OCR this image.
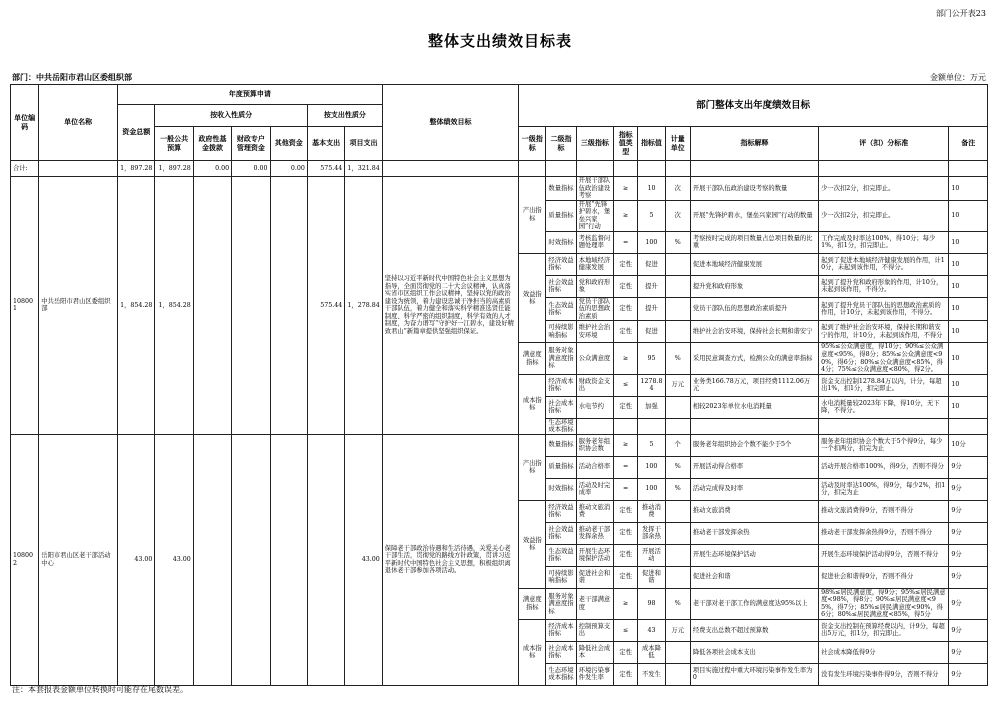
部门公开表23
整体支出绩效目标表
部门：中共岳阳市君山区委组织部	金额单位：万元
单位编码	单位名称	年度预算申请							整体绩效目标	部门整体支出年度绩效目标								
		资金总额	按收入性质分				按支出性质分											
			一般公共预算	政府性基金拨款	财政专户管理资金	其他资金	基本支出	项目支出		一级指标	二级指标	三级指标	指标值类型	指标值	计量单位	指标解释	评（扣）分标准	备注
合计:		1，897.28	1，897.28	0.00	0.00	0.00	575.44	1，321.84										
108001	中共岳阳市君山区委组织部	1，854.28	1，854.28				575.44	1，278.84	坚持以习近平新时代中国特色社会主义思想为指导，全面贯彻党的二十大会议精神，认真落实省市区组织工作会议精神，坚持以党的政治建设为统领，着力建设忠诚干净担当的高素质干部队伍，着力健全和落实科学精准选贤任能制度、科学严密的组织制度，科学有效的人才制度，为奋力谱写“守护好一江碧水，建设好精致君山”新篇章提供坚强组织保证。	产出指标	数量指标	开展干部队伍政治建设考察	≥	10	次	开展干部队伍政治建设考察的数量	少一次扣2分，扣完即止。	10
											质量指标	开展“先锋护碧水，堡垒兴家园”行动	≥	5	次	开展“先锋护碧水，堡垒兴家园”行动的数量	少一次扣2分，扣完即止。	10
											时效指标	考核监督问题处理率	=	100	%	考察按时完成的项目数量占总项目数量的比重	工作完成及时率达100%，得10分；每少1%，扣1分，扣完即止。	10
										效益指标	经济效益指标	本地域经济健康发展	定性	促进		促进本地域经济健康发展	起到了促进本地域经济健康发展的作用，计10分，未起到该作用，不得分。	10
											社会效益指标	党和政府形象	定性	提升		提升党和政府形象	起到了提升党和政府形象的作用，计10分，未起到该作用，不得分。	10
											生态效益指标	党员干部队伍的思想政治素质	定性	提升		党员干部队伍的思想政治素质提升	起到了提升党员干部队伍的思想政治素质的作用，计10分，未起到该作用，不得分。	10
											可持续影响指标	维护社会治安环境	定性	促进		维护社会治安环境，保持社会长期和谐安宁	起到了维护社会治安环境，保持长期和谐安宁的作用，计10分，未起到该作用，不得分	10
										满意度指标	服务对象满意度指标	公众满意度	≥	95	%	采用民意调查方式，检测公众的满意率指标	95%≤公众满意度，得10分；90%≤公众满意度<95%，得8分；85%≤公众满意度<90%，得6分；80%≤公众满意度<85%，得4分；75%≤公众满意度<80%，得2分。	10
										成本指标	经济成本指标	财政资金支出	≤	1278.84	万元	业务类166.78万元，项目经费1112.06万元	资金支出控制1278.84万以内，计分，每超出1%，扣1分，扣完即止。	10
											社会成本指标	水电节约	定性	加强		相较2023年单位水电消耗量	水电消耗量较2023年下降，得10分，无下降，不得分。	10
											生态环境成本指标							
108002	岳阳市君山区老干部活动中心	43.00	43.00					43.00	保障老干部政治待遇和生活待遇，关爱关心老干部生活，贯彻党的路线方针政策，贯讲习近平新时代中国特色社会主义思想，积极组织离退休老干部参加各项活动。	产出指标	数量指标	服务老年组织协会数	≥	5	个	服务老年组织协会个数不能少于5个	服务老年组织协会个数大于5个得9分，每少一个扣两分，扣完为止	10分
											质量指标	活动合格率	=	100	%	开展活动得合格率	活动开展合格率100%，得9分，否则不得分	9分
											时效指标	活动及时完成率	=	100	%	活动完成得及时率	活动及时率达100%，得9分，每少2%，扣1分，扣完为止	9分
										效益指标	经济效益指标	推动文旅消费	定性	推动消费		推动文旅消费	推动文旅消费得9分，否则不得分	9分
											社会效益指标	推动老干部发挥余热	定性	发挥干部余热		推动老干部发挥余热	推动老干部发挥余热得9分，否则不得分	9分
											生态效益指标	开展生态环境保护活动	定性	开展活动		开展生态环境保护活动	开展生态环境保护活动得9分，否则不得分	9分
											可持续影响指标	促进社会和谐	定性	促进和谐		促进社会和谐	促进社会和谐得9分，否则不得分	9分
										满意度指标	服务对象满意度指标	老干部满意度	≥	98	%	老干部对老干部工作的满意度达95%以上	98%≤居民满意度，得9分；95%≤居民满意度<98%，得8分；90%≤居民满意度<95%，得7分；85%≤居民满意度<90%，得6分；80%≤居民满意度<85%，得5分	9分
										成本指标	经济成本指标	控制预算支出	≤	43	万元	经费支出总数不超过预算数	资金支出控制在预算经费以内，计9分，每超出5万元，扣1分，扣完即止。	9分
											社会成本指标	降低社会成本	定性	成本降低		降低各项社会成本支出	社会成本降低得9分	9分
											生态环境成本指标	环境污染事件发生率	定性	不发生		项目实施过程中重大环境污染事件发生率为0	没有发生环境污染事件得9分，否则不得分	9分
注：本套报表金额单位转换时可能存在尾数误差。
